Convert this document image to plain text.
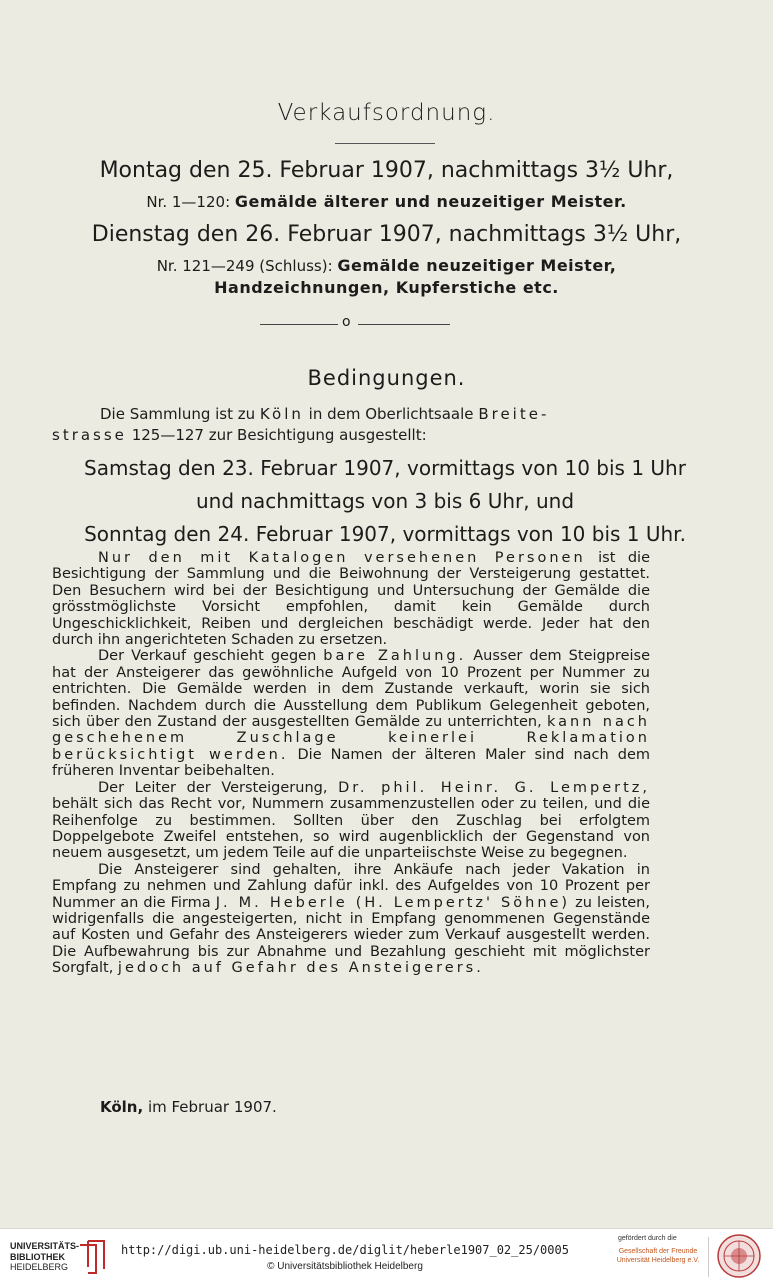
Verkaufsordnung.
Montag den 25. Februar 1907, nachmittags 3½ Uhr,
Nr. 1—120: Gemälde älterer und neuzeitiger Meister.
Dienstag den 26. Februar 1907, nachmittags 3½ Uhr,
Nr. 121—249 (Schluss): Gemälde neuzeitiger Meister,
Handzeichnungen, Kupferstiche etc.
o
Bedingungen.

Die Sammlung ist zu Köln in dem Oberlichtsaale Breite-

strasse 125—127 zur Besichtigung ausgestellt:

Samstag den 23. Februar 1907, vormittags von 10 bis 1 Uhr
und nachmittags von 3 bis 6 Uhr, und
Sonntag den 24. Februar 1907, vormittags von 10 bis 1 Uhr.

Nur den mit Katalogen versehenen Personen ist die Besichtigung der Sammlung und die Beiwohnung der Versteigerung gestattet. Den Besuchern wird bei der Besichtigung und Untersuchung der Gemälde die grösstmöglichste Vorsicht empfohlen, damit kein Gemälde durch Ungeschicklichkeit, Reiben und dergleichen beschädigt werde. Jeder hat den durch ihn angerichteten Schaden zu ersetzen.

Der Verkauf geschieht gegen bare Zahlung. Ausser dem Steigpreise hat der Ansteigerer das gewöhnliche Aufgeld von 10 Prozent per Nummer zu entrichten. Die Gemälde werden in dem Zustande verkauft, worin sie sich befinden. Nachdem durch die Ausstellung dem Publikum Gelegenheit geboten, sich über den Zustand der ausgestellten Gemälde zu unterrichten, kann nach geschehenem Zuschlage keinerlei Reklamation berücksichtigt werden. Die Namen der älteren Maler sind nach dem früheren Inventar beibehalten.

Der Leiter der Versteigerung, Dr. phil. Heinr. G. Lempertz, behält sich das Recht vor, Nummern zusammenzustellen oder zu teilen, und die Reihenfolge zu bestimmen. Sollten über den Zuschlag bei erfolgtem Doppelgebote Zweifel entstehen, so wird augenblicklich der Gegenstand von neuem ausgesetzt, um jedem Teile auf die unparteiischste Weise zu begegnen.

Die Ansteigerer sind gehalten, ihre Ankäufe nach jeder Vakation in Empfang zu nehmen und Zahlung dafür inkl. des Aufgeldes von 10 Prozent per Nummer an die Firma J. M. Heberle (H. Lempertz' Söhne) zu leisten, widrigenfalls die angesteigerten, nicht in Empfang genommenen Gegenstände auf Kosten und Gefahr des Ansteigerers wieder zum Verkauf ausgestellt werden. Die Aufbewahrung bis zur Abnahme und Bezahlung geschieht mit möglichster Sorgfalt, jedoch auf Gefahr des Ansteigerers.

Köln, im Februar 1907.
UNIVERSITÄTS-
BIBLIOTHEK
HEIDELBERG
http://digi.ub.uni-heidelberg.de/diglit/heberle1907_02_25/0005
© Universitätsbibliothek Heidelberg
gefördert durch die
Gesellschaft der Freunde
Universität Heidelberg e.V.
